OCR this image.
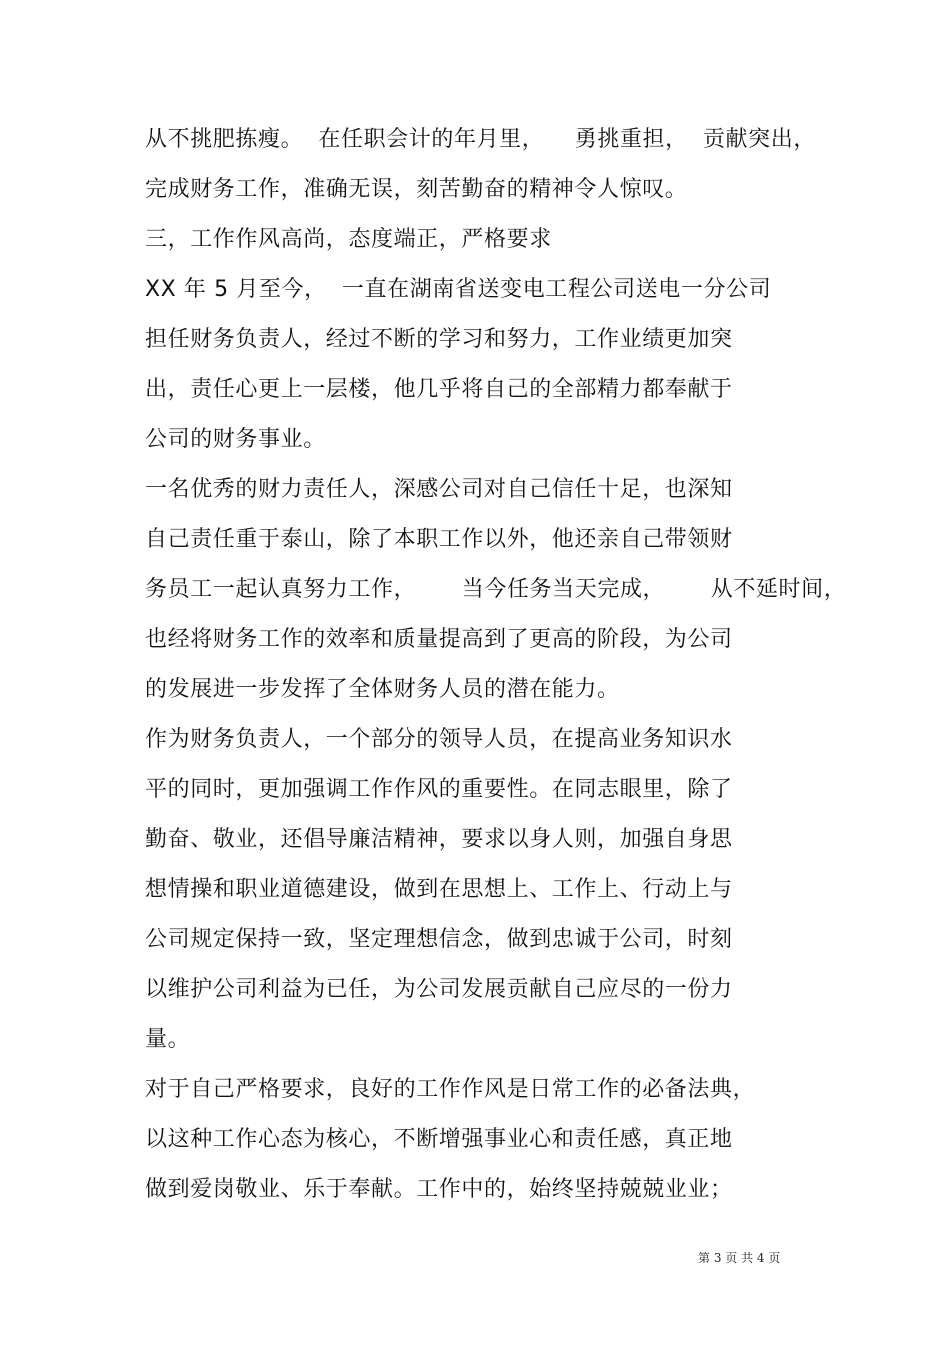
从不挑肥拣瘦。  在任职会计的年月里，    勇挑重担，  贡献突出，
完成财务工作，准确无误，刻苦勤奋的精神令人惊叹。
三，工作作风高尚，态度端正，严格要求
XX 年 5 月至今，  一直在湖南省送变电工程公司送电一分公司
担任财务负责人，经过不断的学习和努力，工作业绩更加突
出，责任心更上一层楼，他几乎将自己的全部精力都奉献于
公司的财务事业。
一名优秀的财力责任人，深感公司对自己信任十足，也深知
自己责任重于泰山，除了本职工作以外，他还亲自己带领财
务员工一起认真努力工作，      当今任务当天完成，      从不延时间，
也经将财务工作的效率和质量提高到了更高的阶段，为公司
的发展进一步发挥了全体财务人员的潜在能力。
作为财务负责人，一个部分的领导人员，在提高业务知识水
平的同时，更加强调工作作风的重要性。在同志眼里，除了
勤奋、敬业，还倡导廉洁精神，要求以身人则，加强自身思
想情操和职业道德建设，做到在思想上、工作上、行动上与
公司规定保持一致，坚定理想信念，做到忠诚于公司，时刻
以维护公司利益为已任，为公司发展贡献自己应尽的一份力
量。
对于自己严格要求，良好的工作作风是日常工作的必备法典，
以这种工作心态为核心，不断增强事业心和责任感，真正地
做到爱岗敬业、乐于奉献。工作中的，始终坚持兢兢业业；
第 3 页 共 4 页
